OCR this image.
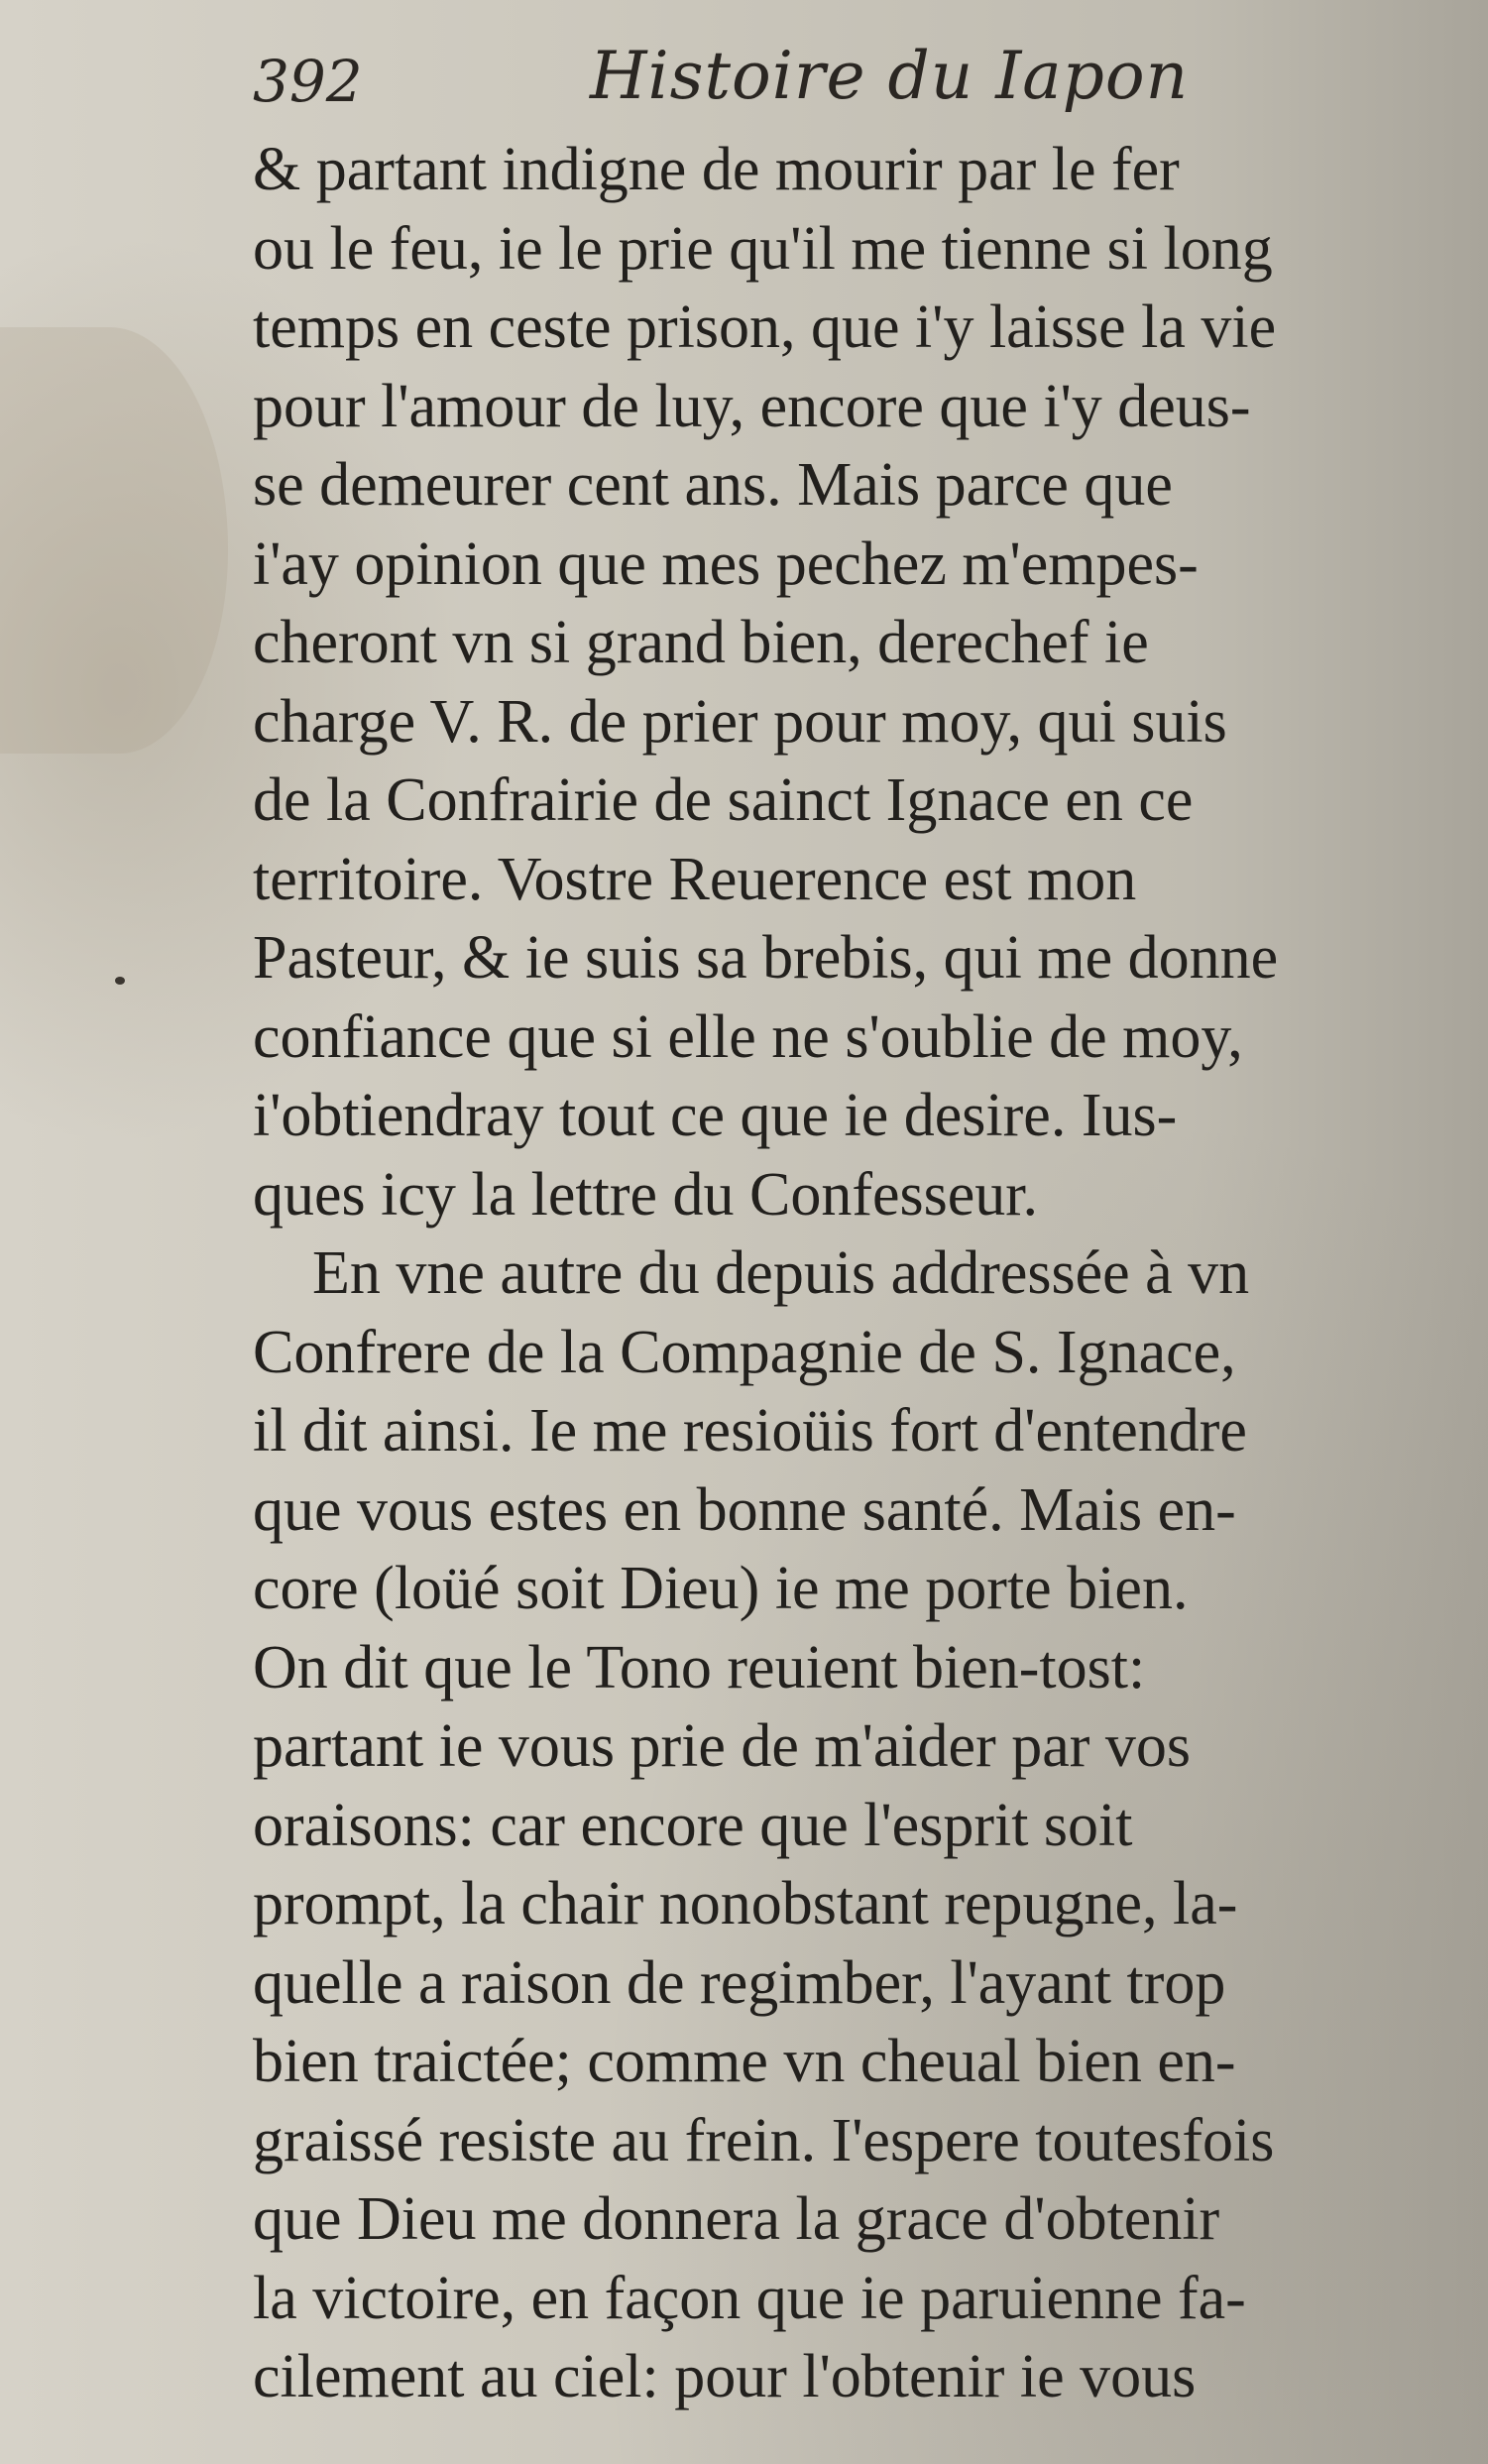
392	Histoire du Iapon
& partant indigne de mourir par le fer
ou le feu, ie le prie qu'il me tienne si long
temps en ceste prison, que i'y laisse la vie
pour l'amour de luy, encore que i'y deus-
se demeurer cent ans. Mais parce que
i'ay opinion que mes pechez m'empes-
cheront vn si grand bien, derechef ie
charge V. R. de prier pour moy, qui suis
de la Confrairie de sainct Ignace en ce
territoire. Vostre Reuerence est mon
Pasteur, & ie suis sa brebis, qui me donne
confiance que si elle ne s'oublie de moy,
i'obtiendray tout ce que ie desire. Ius-
ques icy la lettre du Confesseur.
En vne autre du depuis addressée à vn
Confrere de la Compagnie de S. Ignace,
il dit ainsi. Ie me resioüis fort d'entendre
que vous estes en bonne santé. Mais en-
core (loüé soit Dieu) ie me porte bien.
On dit que le Tono reuient bien-tost:
partant ie vous prie de m'aider par vos
oraisons: car encore que l'esprit soit
prompt, la chair nonobstant repugne, la-
quelle a raison de regimber, l'ayant trop
bien traictée; comme vn cheual bien en-
graissé resiste au frein. I'espere toutesfois
que Dieu me donnera la grace d'obtenir
la victoire, en façon que ie paruienne fa-
cilement au ciel: pour l'obtenir ie vous
